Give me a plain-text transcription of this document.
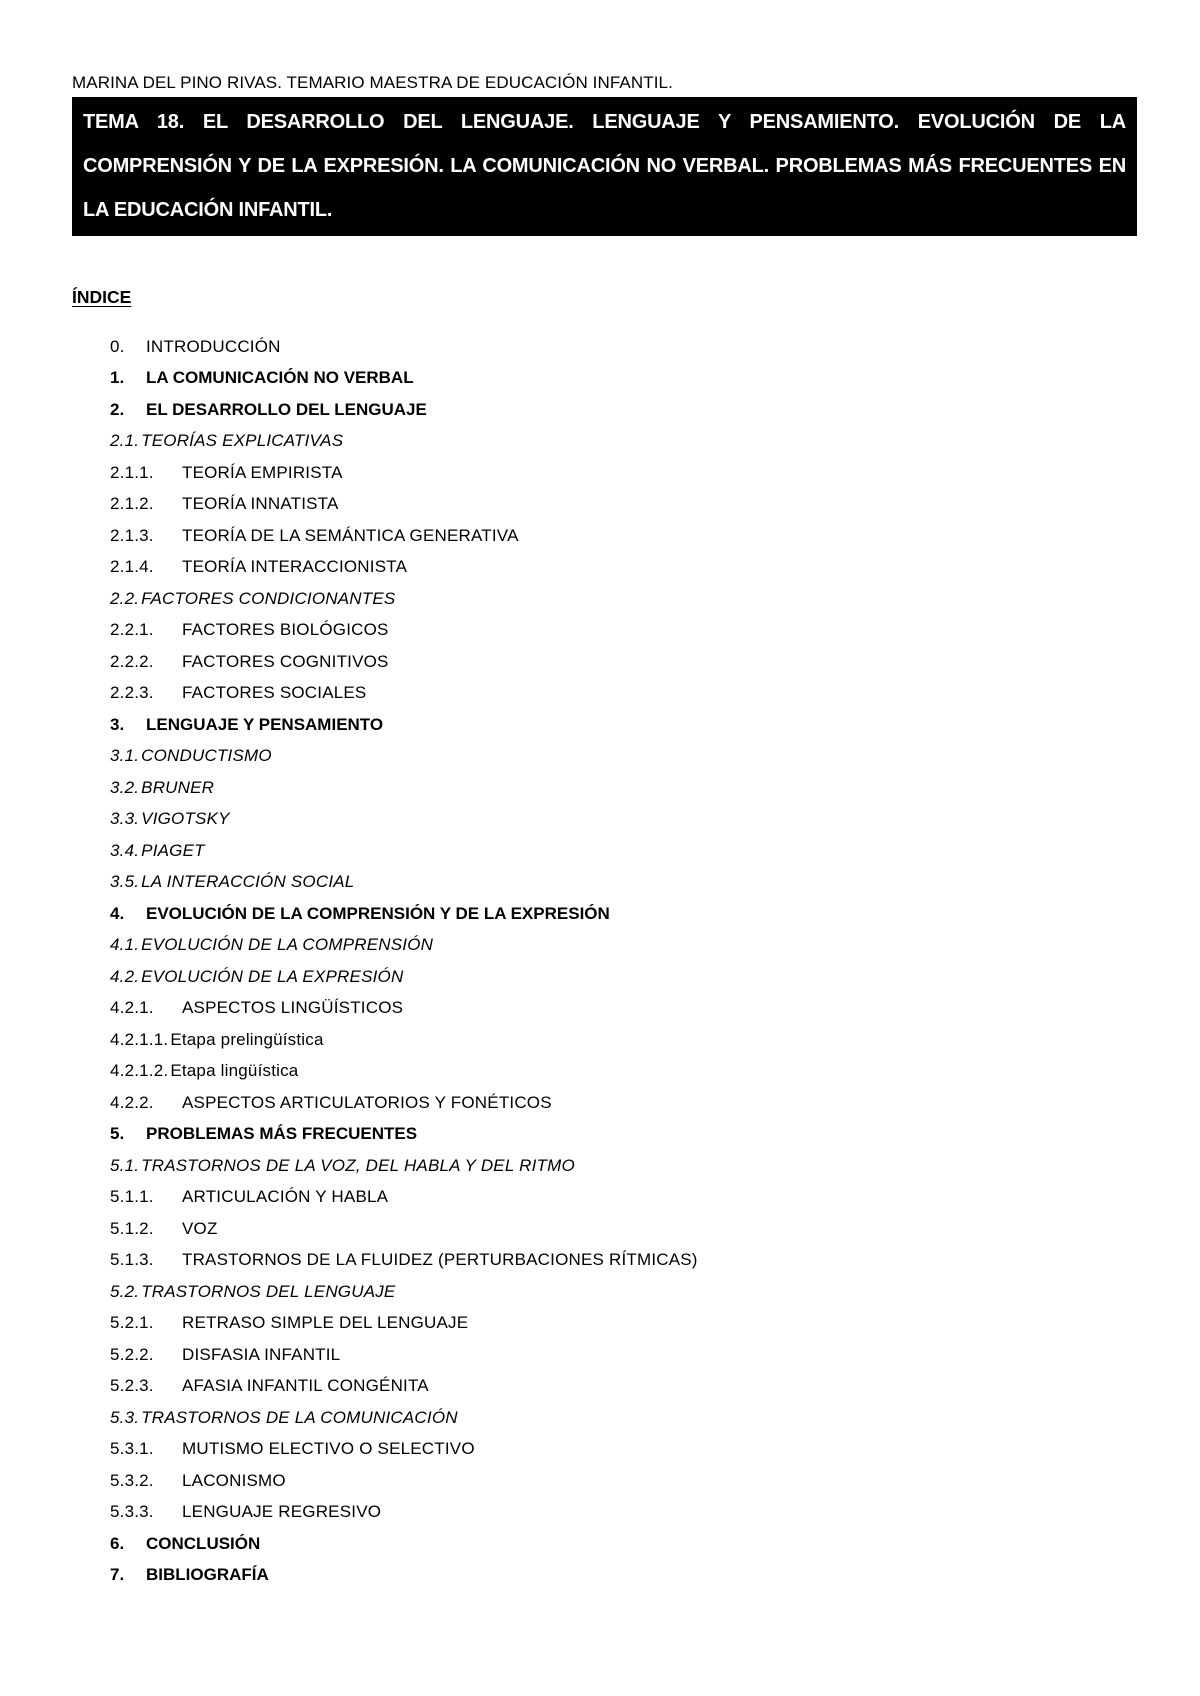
MARINA DEL PINO RIVAS. TEMARIO MAESTRA DE EDUCACIÓN INFANTIL.
TEMA 18. EL DESARROLLO DEL LENGUAJE. LENGUAJE Y PENSAMIENTO. EVOLUCIÓN DE LA COMPRENSIÓN Y DE LA EXPRESIÓN. LA COMUNICACIÓN NO VERBAL. PROBLEMAS MÁS FRECUENTES EN LA EDUCACIÓN INFANTIL.
ÍNDICE
0.	INTRODUCCIÓN
1.	LA COMUNICACIÓN NO VERBAL
2.	EL DESARROLLO DEL LENGUAJE
2.1. TEORÍAS EXPLICATIVAS
2.1.1.	TEORÍA EMPIRISTA
2.1.2.	TEORÍA INNATISTA
2.1.3.	TEORÍA DE LA SEMÁNTICA GENERATIVA
2.1.4.	TEORÍA INTERACCIONISTA
2.2. FACTORES CONDICIONANTES
2.2.1.	FACTORES BIOLÓGICOS
2.2.2.	FACTORES COGNITIVOS
2.2.3.	FACTORES SOCIALES
3.	LENGUAJE Y PENSAMIENTO
3.1. CONDUCTISMO
3.2. BRUNER
3.3. VIGOTSKY
3.4. PIAGET
3.5. LA INTERACCIÓN SOCIAL
4.	EVOLUCIÓN DE LA COMPRENSIÓN Y DE LA EXPRESIÓN
4.1. EVOLUCIÓN DE LA COMPRENSIÓN
4.2. EVOLUCIÓN DE LA EXPRESIÓN
4.2.1.	ASPECTOS LINGÜÍSTICOS
4.2.1.1. Etapa prelingüística
4.2.1.2. Etapa lingüística
4.2.2.	ASPECTOS ARTICULATORIOS Y FONÉTICOS
5.	PROBLEMAS MÁS FRECUENTES
5.1. TRASTORNOS DE LA VOZ, DEL HABLA Y DEL RITMO
5.1.1.	ARTICULACIÓN Y HABLA
5.1.2.	VOZ
5.1.3.	TRASTORNOS DE LA FLUIDEZ (PERTURBACIONES RÍTMICAS)
5.2. TRASTORNOS DEL LENGUAJE
5.2.1.	RETRASO SIMPLE DEL LENGUAJE
5.2.2.	DISFASIA INFANTIL
5.2.3.	AFASIA INFANTIL CONGÉNITA
5.3. TRASTORNOS DE LA COMUNICACIÓN
5.3.1.	MUTISMO ELECTIVO O SELECTIVO
5.3.2.	LACONISMO
5.3.3.	LENGUAJE REGRESIVO
6.	CONCLUSIÓN
7.	BIBLIOGRAFÍA
